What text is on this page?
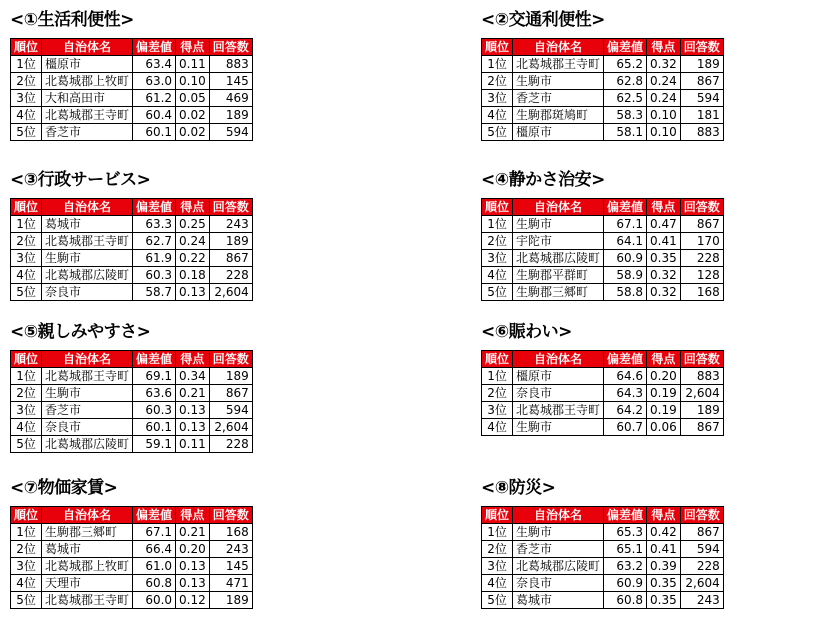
<①生活利便性>
順位	自治体名	偏差値	得点	回答数
1位	橿原市	63.4	0.11	883
2位	北葛城郡上牧町	63.0	0.10	145
3位	大和高田市	61.2	0.05	469
4位	北葛城郡王寺町	60.4	0.02	189
5位	香芝市	60.1	0.02	594
<②交通利便性>
順位	自治体名	偏差値	得点	回答数
1位	北葛城郡王寺町	65.2	0.32	189
2位	生駒市	62.8	0.24	867
3位	香芝市	62.5	0.24	594
4位	生駒郡斑鳩町	58.3	0.10	181
5位	橿原市	58.1	0.10	883
<③行政サービス>
順位	自治体名	偏差値	得点	回答数
1位	葛城市	63.3	0.25	243
2位	北葛城郡王寺町	62.7	0.24	189
3位	生駒市	61.9	0.22	867
4位	北葛城郡広陵町	60.3	0.18	228
5位	奈良市	58.7	0.13	2,604
<④静かさ治安>
順位	自治体名	偏差値	得点	回答数
1位	生駒市	67.1	0.47	867
2位	宇陀市	64.1	0.41	170
3位	北葛城郡広陵町	60.9	0.35	228
4位	生駒郡平群町	58.9	0.32	128
5位	生駒郡三郷町	58.8	0.32	168
<⑤親しみやすさ>
順位	自治体名	偏差値	得点	回答数
1位	北葛城郡王寺町	69.1	0.34	189
2位	生駒市	63.6	0.21	867
3位	香芝市	60.3	0.13	594
4位	奈良市	60.1	0.13	2,604
5位	北葛城郡広陵町	59.1	0.11	228
<⑥賑わい>
順位	自治体名	偏差値	得点	回答数
1位	橿原市	64.6	0.20	883
2位	奈良市	64.3	0.19	2,604
3位	北葛城郡王寺町	64.2	0.19	189
4位	生駒市	60.7	0.06	867
<⑦物価家賃>
順位	自治体名	偏差値	得点	回答数
1位	生駒郡三郷町	67.1	0.21	168
2位	葛城市	66.4	0.20	243
3位	北葛城郡上牧町	61.0	0.13	145
4位	天理市	60.8	0.13	471
5位	北葛城郡王寺町	60.0	0.12	189
<⑧防災>
順位	自治体名	偏差値	得点	回答数
1位	生駒市	65.3	0.42	867
2位	香芝市	65.1	0.41	594
3位	北葛城郡広陵町	63.2	0.39	228
4位	奈良市	60.9	0.35	2,604
5位	葛城市	60.8	0.35	243
